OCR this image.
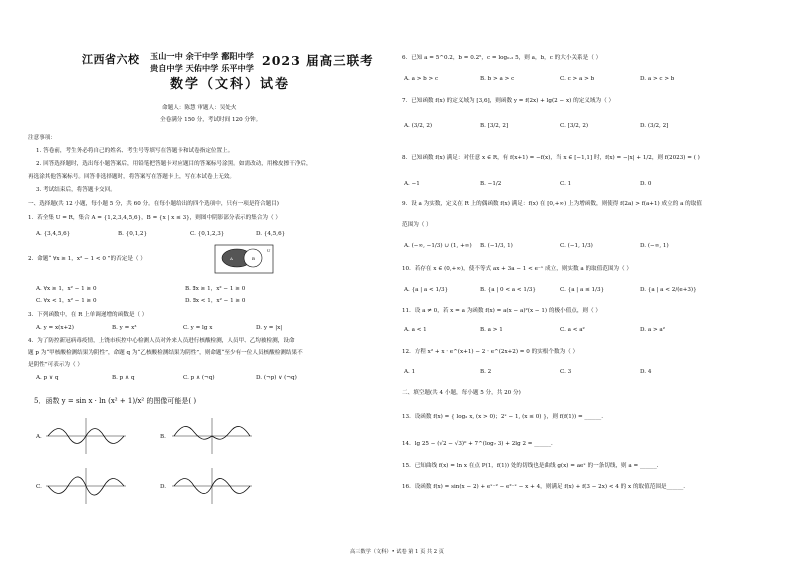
江西省六校 玉山一中 余干中学 鄱阳中学
贵自中学 天佑中学 乐平中学 2023 届高三联考
数学（文科）试卷
命题人：陈慧 审题人：吴处火
全卷满分 150 分，考试时间 120 分钟。
注意事项：
1. 答卷前，考生务必将自己的姓名、考生号等填写在答题卡和试卷指定位置上。
2. 回答选择题时，选出每小题答案后，用铅笔把答题卡对应题目的答案标号涂黑。如需改动，用橡皮擦干净后，
再选涂其他答案标号。回答非选择题时，将答案写在答题卡上，写在本试卷上无效。
3. 考试结束后，将答题卡交回。
一、选择题(共 12 小题，每小题 5 分，共 60 分。在每小题给出的四个选项中，只有一项是符合题目)
1．若全集 U = R，集合 A = {1,2,3,4,5,6}，B = {x | x ≤ 3}，则图中阴影部分表示的集合为（ ）
A. {3,4,5,6}	B. {0,1,2}	C. {0,1,2,3}	D. {4,5,6}
2．命题“ ∀x ≥ 1，x² − 1 < 0 ”的否定是（ ）	A	B
U
A. ∀x ≥ 1，x² − 1 ≥ 0	B. ∃x ≥ 1，x² − 1 ≥ 0
C. ∀x < 1，x² − 1 ≥ 0	D. ∃x < 1，x² − 1 ≥ 0
3．下列函数中，在 R 上单调递增的函数是（ ）
A. y = x(x+2)	B. y = x³	C. y = lg x	D. y = |x|
4．为了防控新冠病毒疫情，上饶市疾控中心检测人员对外来人员进行核酸检测，人员甲、乙均被检测，设命
题 p 为“甲核酸检测结果为阴性”，命题 q 为“乙核酸检测结果为阴性”，则命题“至少有一位人员核酸检测结果不
是阴性”可表示为（ ）
A. p ∨ q	B. p ∧ q	C. p ∧ (¬q)	D. (¬p) ∨ (¬q)
5．函数 y = sin x · ln (x² + 1)/x² 的图像可能是( )
A.	B.
C.	D.
6．已知 a = 5^0.2，b = 0.2⁵，c = log₀.₂ 5，则 a，b，c 的大小关系是（ ）
A. a > b > c	B. b > a > c	C. c > a > b	D. a > c > b
7．已知函数 f(x) 的定义域为 [3,6]，则函数 y = f(2x) + lg(2 − x) 的定义域为（ ）
A. (3/2, 2)	B. [3/2, 2]	C. [3/2, 2)	D. (3/2, 2]
8．已知函数 f(x) 满足：对任意 x ∈ R，有 f(x+1) = −f(x)，当 x ∈ [−1,1] 时，f(x) = −|x| + 1/2，则 f(2023) = ( )
A. −1	B. −1/2	C. 1	D. 0
9．设 a 为实数，定义在 R 上的偶函数 f(x) 满足：f(x) 在 [0,+∞) 上为增函数，则使得 f(2a) > f(a+1) 成立的 a 的取值
范围为（ ）
A. (−∞, −1/3) ∪ (1, +∞) B. (−1/3, 1)	C. (−1, 1/3)	D. (−∞, 1)
10．若存在 x ∈ (0,+∞)，使不等式 ax + 3a − 1 < e⁻ˣ 成立，则实数 a 的取值范围为（ ）
A. {a | a < 1/3}	B. {a | 0 < a < 1/3}	C. {a | a ≤ 1/3}	D. {a | a < 2/(e+3)}
11．设 a ≠ 0，若 x = a 为函数 f(x) = a(x − a)²(x − 1) 的极小值点，则（ ）
A. a < 1	B. a > 1	C. a < a²	D. a > a²
12．方程 x² + x · e^(x+1) − 2 · e^(2x+2) = 0 的实根个数为（ ）
A. 1	B. 2	C. 3	D. 4
二、填空题(共 4 小题，每小题 5 分，共 20 分)
13．设函数 f(x) = { log₂ x, (x > 0)；2ˣ − 1, (x ≤ 0) }，则 f(f(1)) = ______.
14．lg 25 − (√2 − √3)⁰ + 7^(log₇ 3) + 2lg 2 = ______.
15．已知曲线 f(x) = ln x 在点 P(1，f(1)) 处的切线也是曲线 g(x) = aeˣ 的一条切线，则 a = ______.
16．设函数 f(x) = sin(x − 2) + eˣ⁻² − e²⁻ˣ − x + 4，则满足 f(x) + f(3 − 2x) < 4 的 x 的取值范围是______.
高三数学（文科）• 试卷 第 1 页 共 2 页
